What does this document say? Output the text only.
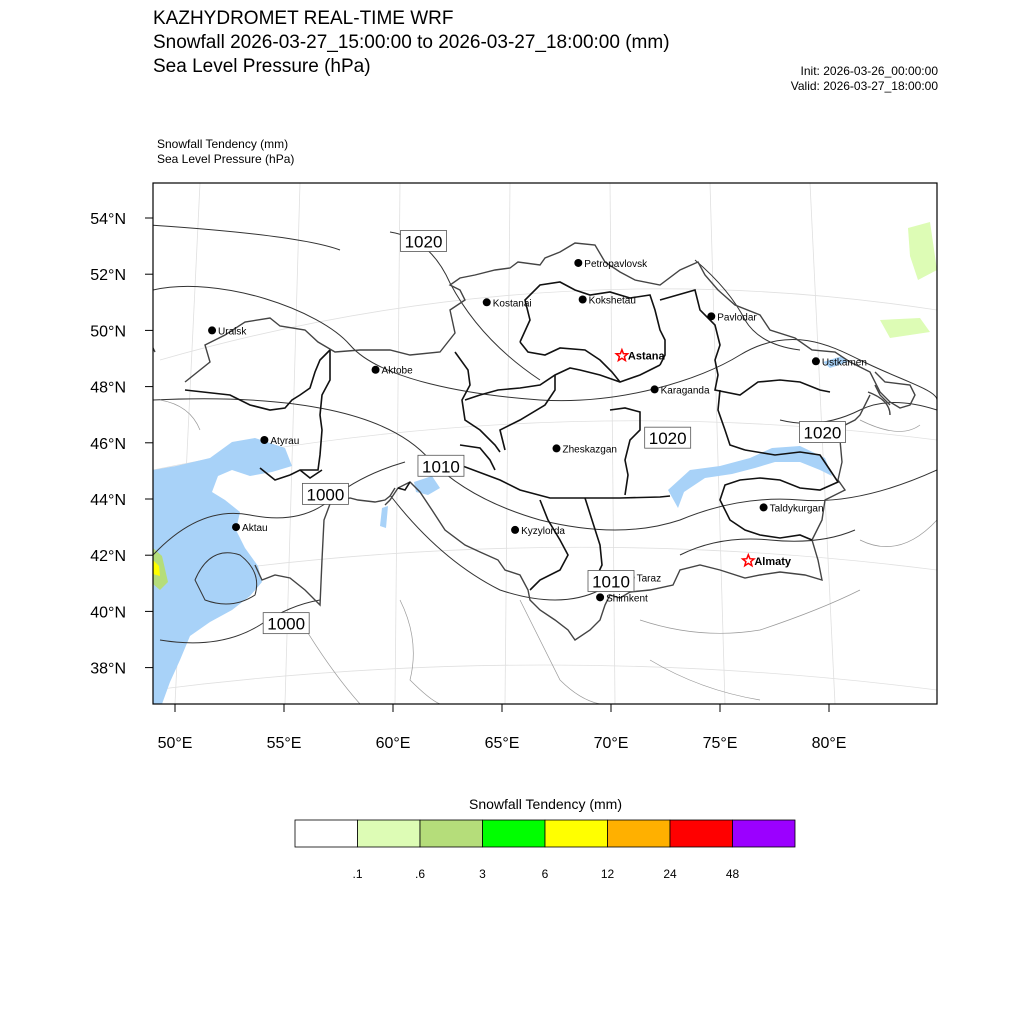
KAZHYDROMET REAL-TIME WRF
Snowfall 2026-03-27_15:00:00 to 2026-03-27_18:00:00 (mm)
Sea Level Pressure (hPa)	Init: 2026-03-26_00:00:00
Valid: 2026-03-27_18:00:00
Snowfall Tendency (mm)
Sea Level Pressure (hPa)
54°N
52°N
50°N
48°N
46°N
44°N
42°N
40°N
38°N
50°E	55°E	60°E	65°E	70°E	75°E	80°E
Petropavlovsk
Kostanai	Kokshetau
Uralsk
Pavlodar
Astana
Aktobe
Ustkamen
Karaganda
Atyrau
Zheskazgan
Taldykurgan
Aktau	Kyzylorda
Almaty
Taraz
Shimkent
1020
1010
1000
1000
1020	1020
1010
.1	.6	3	6	12	24	48
Snowfall Tendency (mm)
